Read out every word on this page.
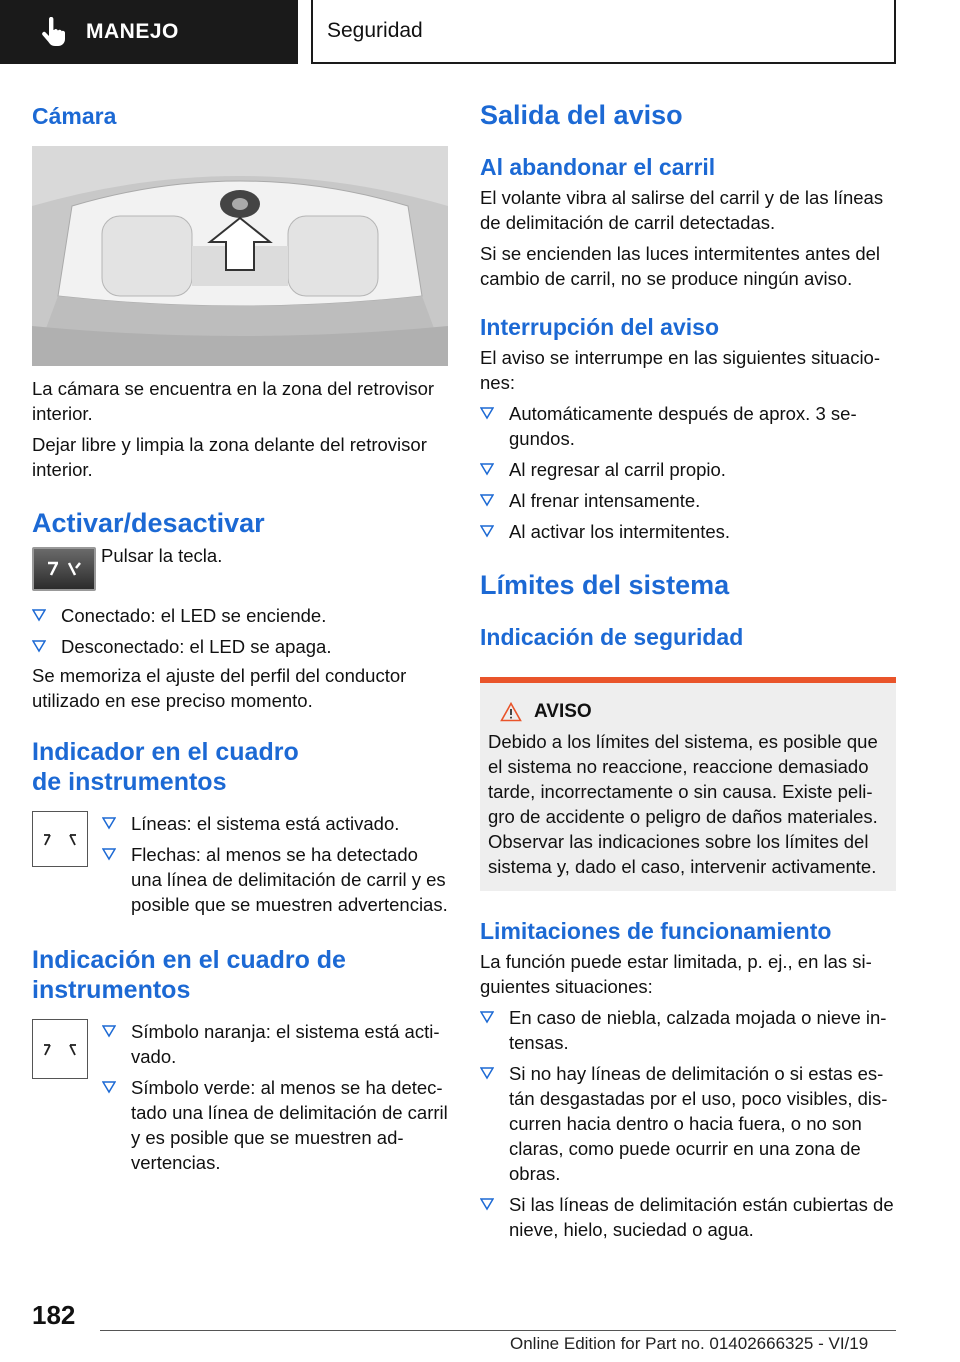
MANEJO	Seguridad
Cámara

La cámara se encuentra en la zona del retrovisor interior.

Dejar libre y limpia la zona delante del retrovisor interior.

Activar/desactivar
Pulsar la tecla.
Conectado: el LED se enciende.
Desconectado: el LED se apaga.

Se memoriza el ajuste del perfil del conductor utilizado en ese preciso momento.

Indicador en el cuadro de instrumentos
Líneas: el sistema está activado.
Flechas: al menos se ha detectado una línea de delimitación de carril y es posible que se muestren advertencias.
Indicación en el cuadro de instrumentos
Símbolo naranja: el sistema está activado.
Símbolo verde: al menos se ha detectado una línea de delimitación de carril y es posible que se muestren advertencias.
Salida del aviso
Al abandonar el carril

El volante vibra al salirse del carril y de las líneas de delimitación de carril detectadas.

Si se encienden las luces intermitentes antes del cambio de carril, no se produce ningún aviso.

Interrupción del aviso

El aviso se interrumpe en las siguientes situaciones:

Automáticamente después de aprox. 3 segundos.
Al regresar al carril propio.
Al frenar intensamente.
Al activar los intermitentes.
Límites del sistema
Indicación de seguridad
AVISO

Debido a los límites del sistema, es posible que el sistema no reaccione, reaccione demasiado tarde, incorrectamente o sin causa. Existe peligro de accidente o peligro de daños materiales. Observar las indicaciones sobre los límites del sistema y, dado el caso, intervenir activamente.

Limitaciones de funcionamiento

La función puede estar limitada, p. ej., en las siguientes situaciones:

En caso de niebla, calzada mojada o nieve intensas.
Si no hay líneas de delimitación o si estas están desgastadas por el uso, poco visibles, discurren hacia dentro o hacia fuera, o no son claras, como puede ocurrir en una zona de obras.
Si las líneas de delimitación están cubiertas de nieve, hielo, suciedad o agua.
182
Online Edition for Part no. 01402666325 - VI/19
